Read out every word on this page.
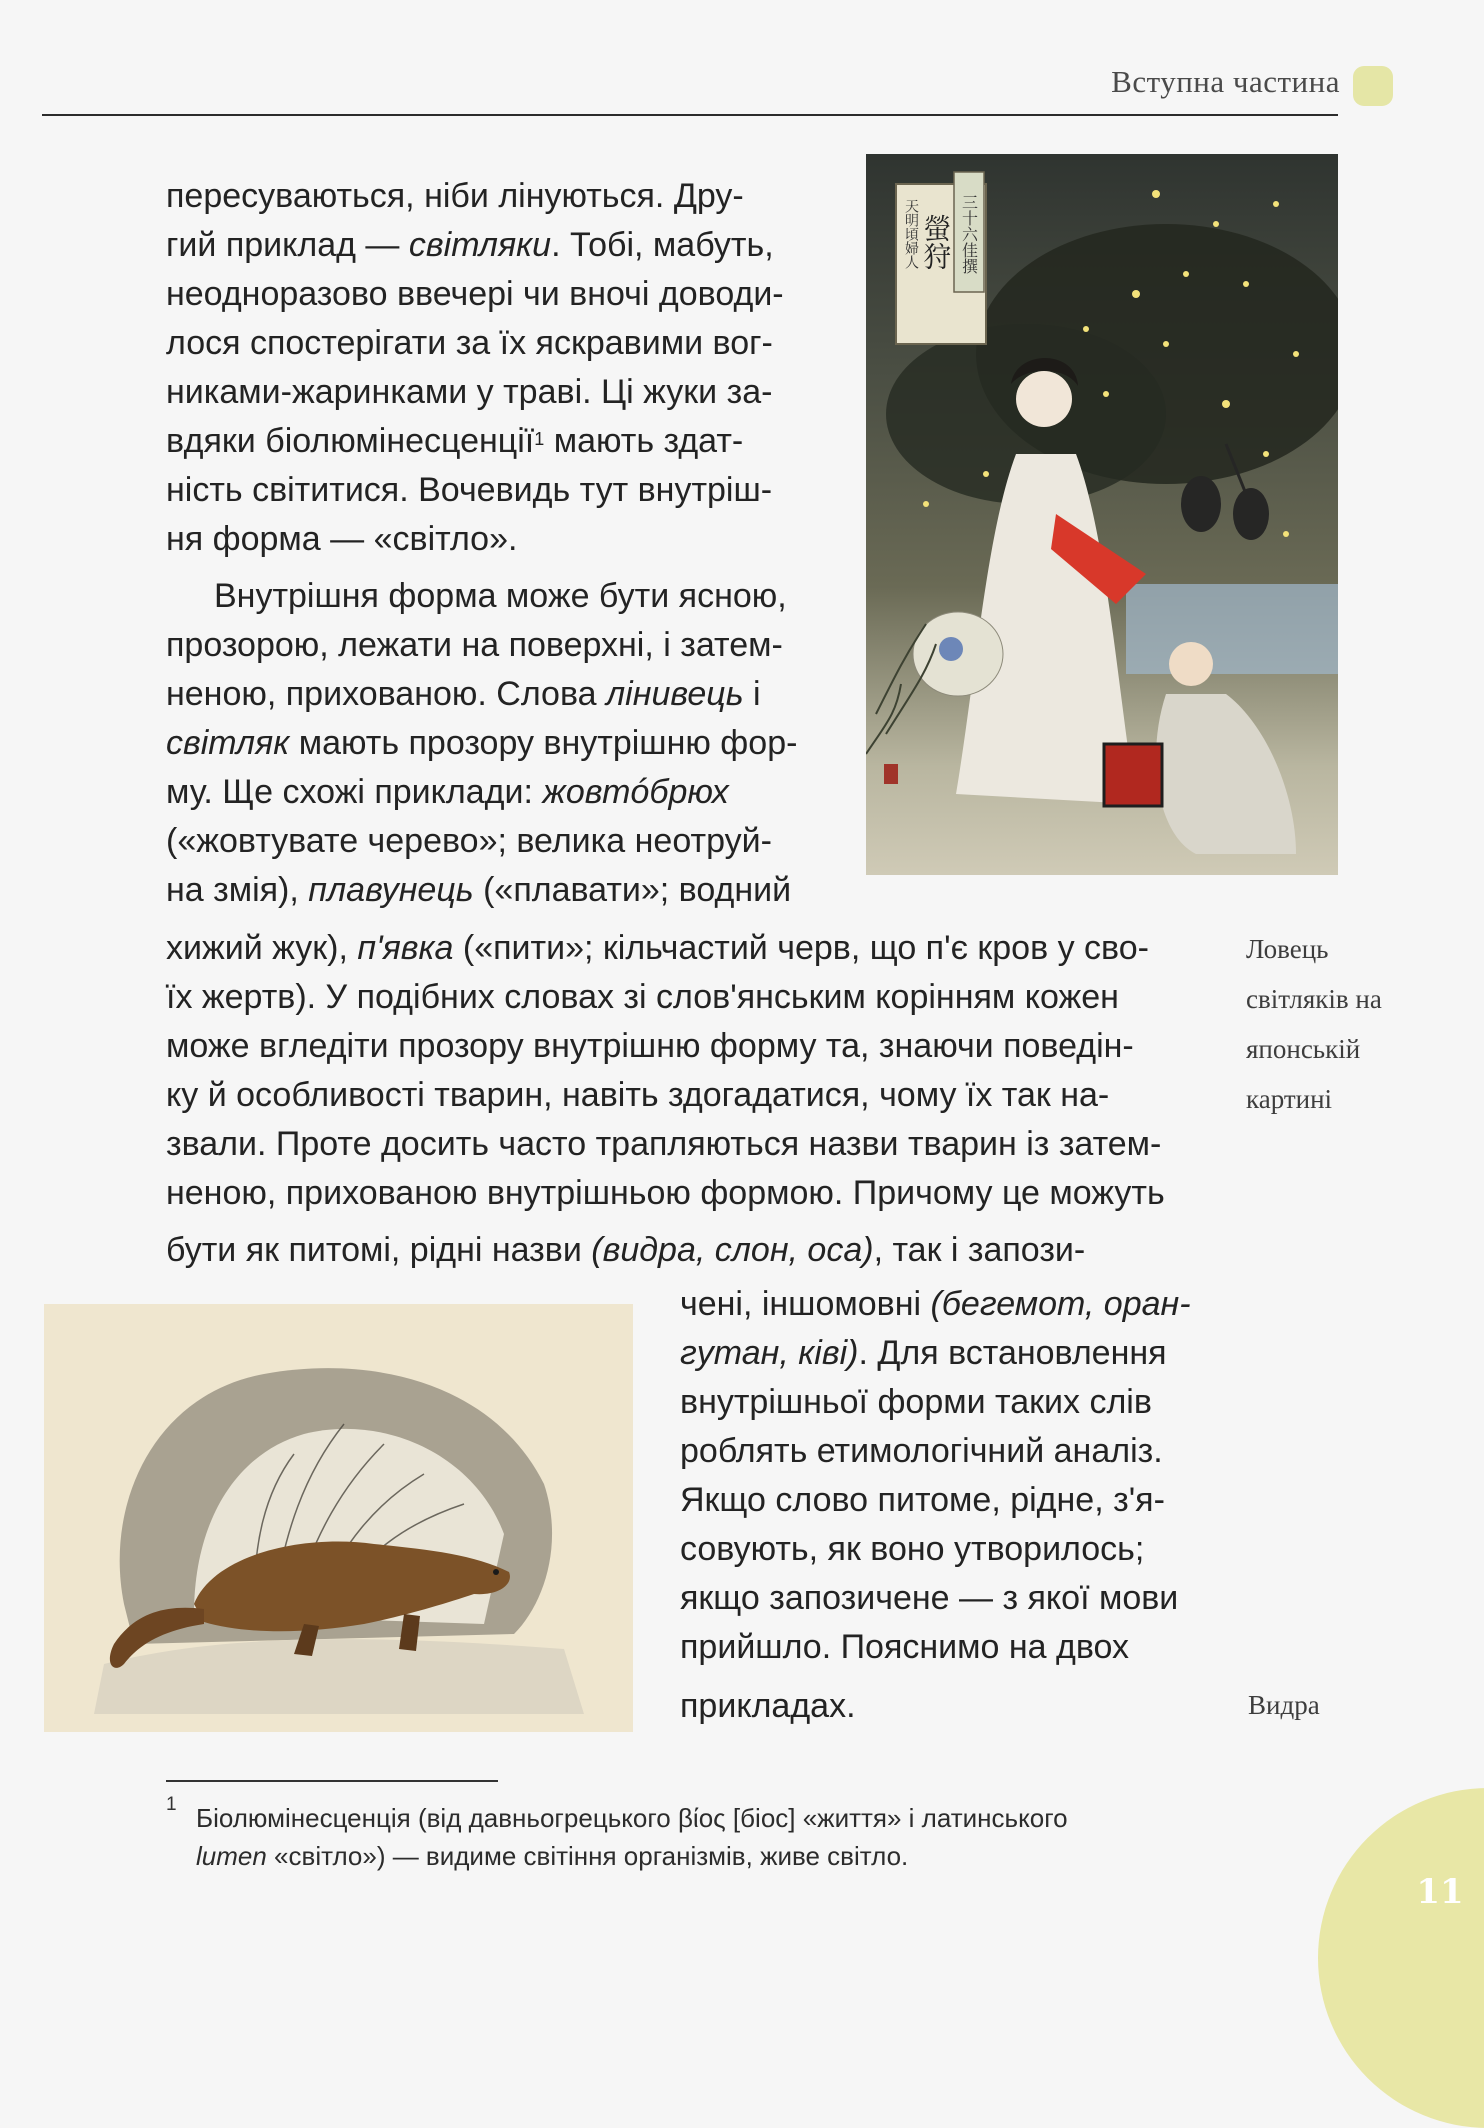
Вступна частина

пересуваються, ніби лінуються. Дру-

гий приклад — світляки. Тобі, мабуть,

неодноразово ввечері чи вночі доводи-

лося спостерігати за їх яскравими вог-

никами-жаринками у траві. Ці жуки за-

вдяки біолюмінесценції$^1$ мають здат-

ність світитися. Вочевидь тут внутріш-

ня форма — «світло».

Внутрішня форма може бути ясною,

прозорою, лежати на поверхні, і затем-

неною, прихованою. Слова лінивець і

світляк мають прозору внутрішню фор-

му. Ще схожі приклади: жовтóбрюх

(«жовтувате черево»; велика неотруй-

на змія), плавунець («плавати»; водний

хижий жук), п'явка («пити»; кільчастий черв, що п'є кров у сво-

їх жертв). У подібних словах зі слов'янським корінням кожен

може вгледіти прозору внутрішню форму та, знаючи поведін-

ку й особливості тварин, навіть здогадатися, чому їх так на-

звали. Проте досить часто трапляються назви тварин із затем-

неною, прихованою внутрішньою формою. Причому це можуть

бути як питомі, рідні назви (видра, слон, оса), так і запози-

чені, іншомовні (бегемот, оран-

гутан, ківі). Для встановлення

внутрішньої форми таких слів

роблять етимологічний аналіз.

Якщо слово питоме, рідне, з'я-

совують, як воно утворилось;

якщо запозичене — з якої мови

прийшло. Пояснимо на двох

прикладах.

三十六佳撰
螢狩
天明頃婦人

Ловець

світляків на

японській

картині

Видра

1 Біолюмінесценція (від давньогрецького βίος [біос] «життя» і латинського

lumen «світло») — видиме світіння організмів, живе світло.

11
